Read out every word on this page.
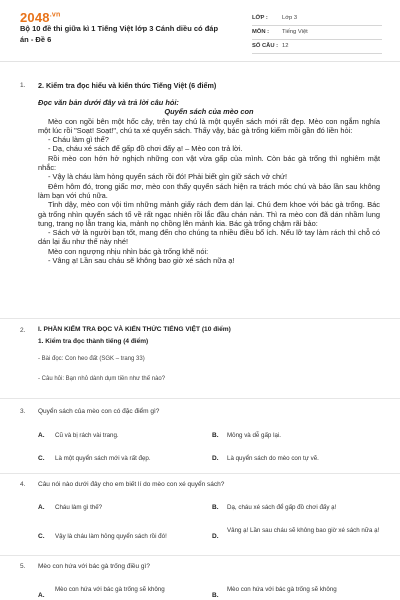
$2048^{.vn}$
Bộ 10 đề thi giữa kì 1 Tiếng Việt lớp 3 Cánh diều có đáp án - Đề 6
LỚP : Lớp 3
MÔN : Tiếng Việt
SỐ CÂU : 12
1. 2. Kiểm tra đọc hiểu và kiến thức Tiếng Việt (6 điểm)

Đọc văn bản dưới đây và trả lời câu hỏi:

Quyển sách của mèo con

Mèo con ngồi bên một hốc cây, trên tay chú là một quyển sách mới rất đẹp. Mèo con ngắm nghía một lúc rồi "Soạt! Soạt!", chú ta xé quyển sách. Thấy vậy, bác gà trống kiếm mồi gần đó liền hỏi:

- Cháu làm gì thế?

- Dạ, cháu xé sách để gấp đồ chơi đấy ạ! – Mèo con trả lời.

Rồi mèo con hớn hở nghịch những con vật vừa gấp của mình. Còn bác gà trống thì nghiêm mặt nhắc:

- Vậy là cháu làm hỏng quyển sách rồi đó! Phải biết gìn giữ sách vở chứ!

Đêm hôm đó, trong giấc mơ, mèo con thấy quyển sách hiện ra trách móc chú và bảo lần sau không làm bạn với chú nữa.

Tỉnh dậy, mèo con vội tìm những mảnh giấy rách đem dán lại. Chú đem khoe với bác gà trống. Bác gà trống nhìn quyển sách tổ về rất ngạc nhiên rồi lắc đầu chán nản. Thì ra mèo con đã dán nhầm lung tung, trang nọ lẫn trang kia, mảnh nọ chồng lên mảnh kia. Bác gà trống chậm rãi bảo:

- Sách vở là người bạn tốt, mang đến cho chúng ta nhiều điều bổ ích. Nếu lỡ tay làm rách thì chỗ có dán lại ẩu như thế này nhé!

Mèo con ngượng nhịu nhìn bác gà trống khẽ nói:

- Vâng ạ! Lần sau cháu sẽ không bao giờ xé sách nữa ạ!

2. I. PHẦN KIỂM TRA ĐỌC VÀ KIẾN THỨC TIẾNG VIỆT (10 điểm)
1. Kiểm tra đọc thành tiếng (4 điểm)
- Bài đọc: Con heo đất (SGK – trang 33)
- Câu hỏi: Bạn nhỏ dành dụm tiền như thế nào?
3. Quyển sách của mèo con có đặc điểm gì?
A. Cũ và bị rách vài trang.	B. Mỏng và dễ gấp lại.
C. Là một quyển sách mới và rất đẹp.	D. Là quyển sách do mèo con tự vẽ.
4. Câu nói nào dưới đây cho em biết lí do mèo con xé quyển sách?
A. Cháu làm gì thế?	B. Dạ, cháu xé sách để gấp đồ chơi đấy ạ!
C. Vậy là cháu làm hỏng quyển sách rồi đó!	D.
Vâng ạ! Lần sau cháu sẽ không bao giờ xé sách nữa ạ!
5. Mèo con hứa với bác gà trống điều gì?
A.
Mèo con hứa với bác gà trống sẽ không
B.
Mèo con hứa với bác gà trống sẽ không
